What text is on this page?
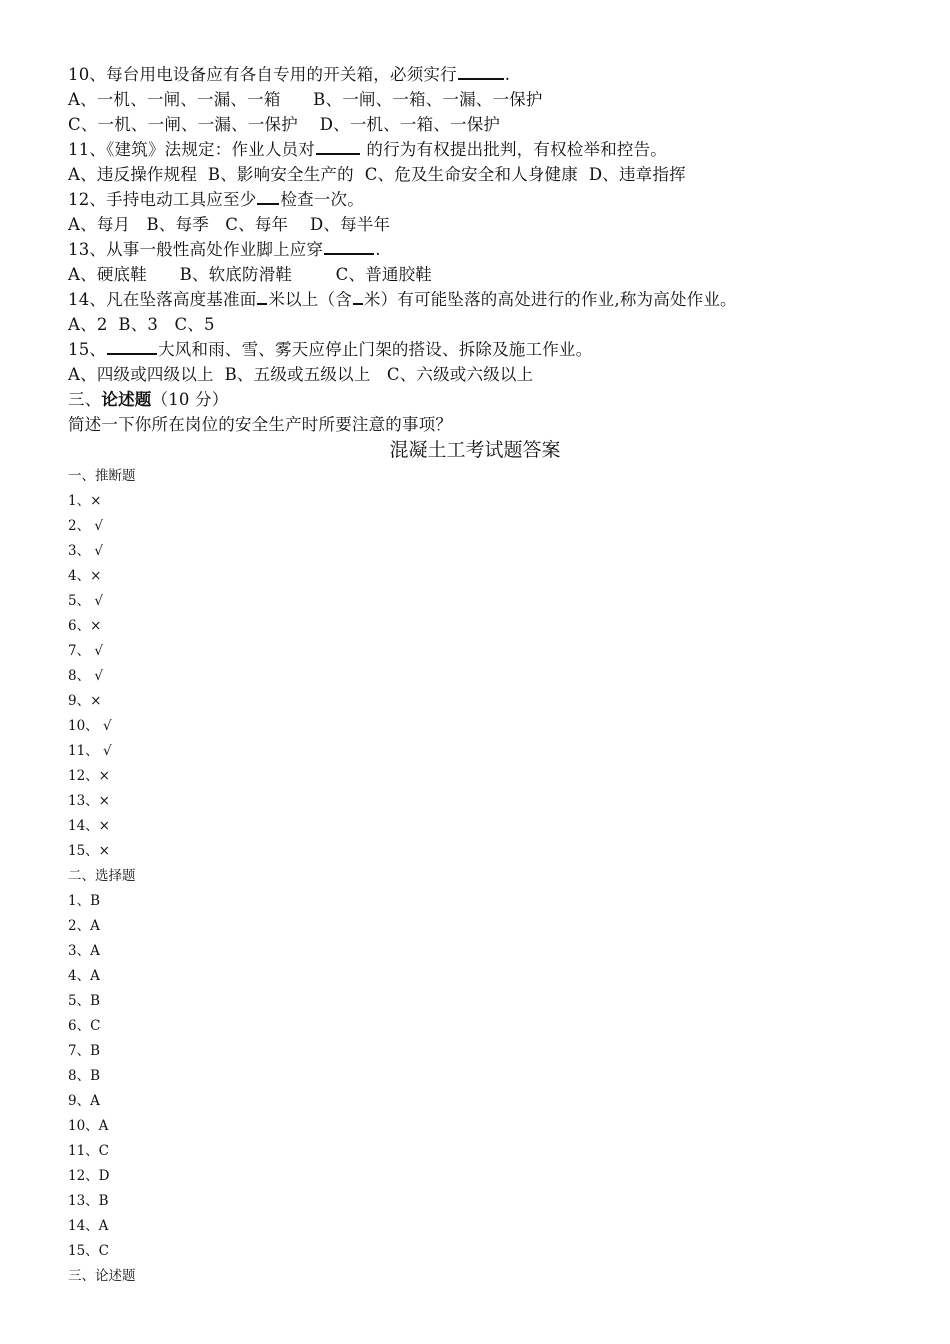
10、每台用电设备应有各自专用的开关箱，必须实行	.
A、一机、一闸、一漏、一箱      B、一闸、一箱、一漏、一保护
C、一机、一闸、一漏、一保护    D、一机、一箱、一保护
11、《建筑》法规定：作业人员对	的行为有权提出批判，有权检举和控告。
A、违反操作规程  B、影响安全生产的  C、危及生命安全和人身健康  D、违章指挥
12、手持电动工具应至少 检查一次。
A、每月   B、每季   C、每年    D、每半年
13、从事一般性高处作业脚上应穿	.
A、硬底鞋      B、软底防滑鞋        C、普通胶鞋
14、凡在坠落高度基准面 米以上（含 米）有可能坠落的高处进行的作业,称为高处作业。
A、2  B、3   C、5
15、	大风和雨、雪、雾天应停止门架的搭设、拆除及施工作业。
A、四级或四级以上  B、五级或五级以上   C、六级或六级以上
三、论述题（10 分）
简述一下你所在岗位的安全生产时所要注意的事项？
混凝土工考试题答案
一、推断题
1、×
2、 √
3、 √
4、×
5、 √
6、×
7、 √
8、 √
9、×
10、 √
11、 √
12、×
13、×
14、×
15、×
二、选择题
1、B
2、A
3、A
4、A
5、B
6、C
7、B
8、B
9、A
10、A
11、C
12、D
13、B
14、A
15、C
三、论述题
